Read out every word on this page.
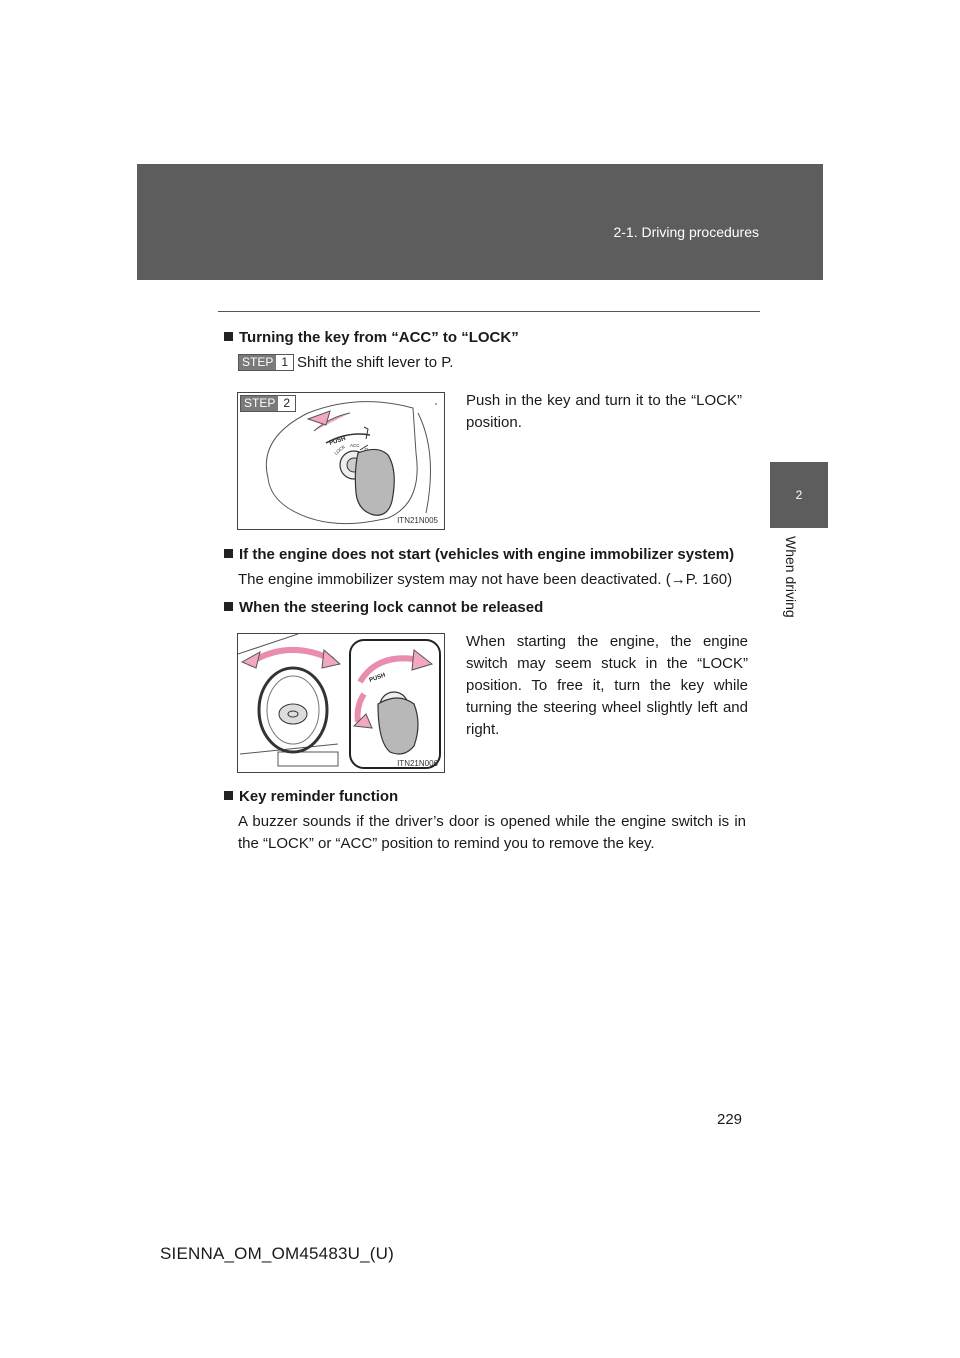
2-1. Driving procedures
2
When driving
Turning the key from “ACC” to “LOCK”
STEP 1 Shift the shift lever to P.
PUSH
LOCK ACC
STEP 2
ITN21N005
Push in the key and turn it to the “LOCK” position.
If the engine does not start (vehicles with engine immobilizer system)
The engine immobilizer system may not have been deactivated. (→P. 160)
When the steering lock cannot be released
PUSH
ITN21N006
When starting the engine, the engine switch may seem stuck in the “LOCK” position. To free it, turn the key while turning the steering wheel slightly left and right.
Key reminder function
A buzzer sounds if the driver’s door is opened while the engine switch is in the “LOCK” or “ACC” position to remind you to remove the key.
229
SIENNA_OM_OM45483U_(U)
